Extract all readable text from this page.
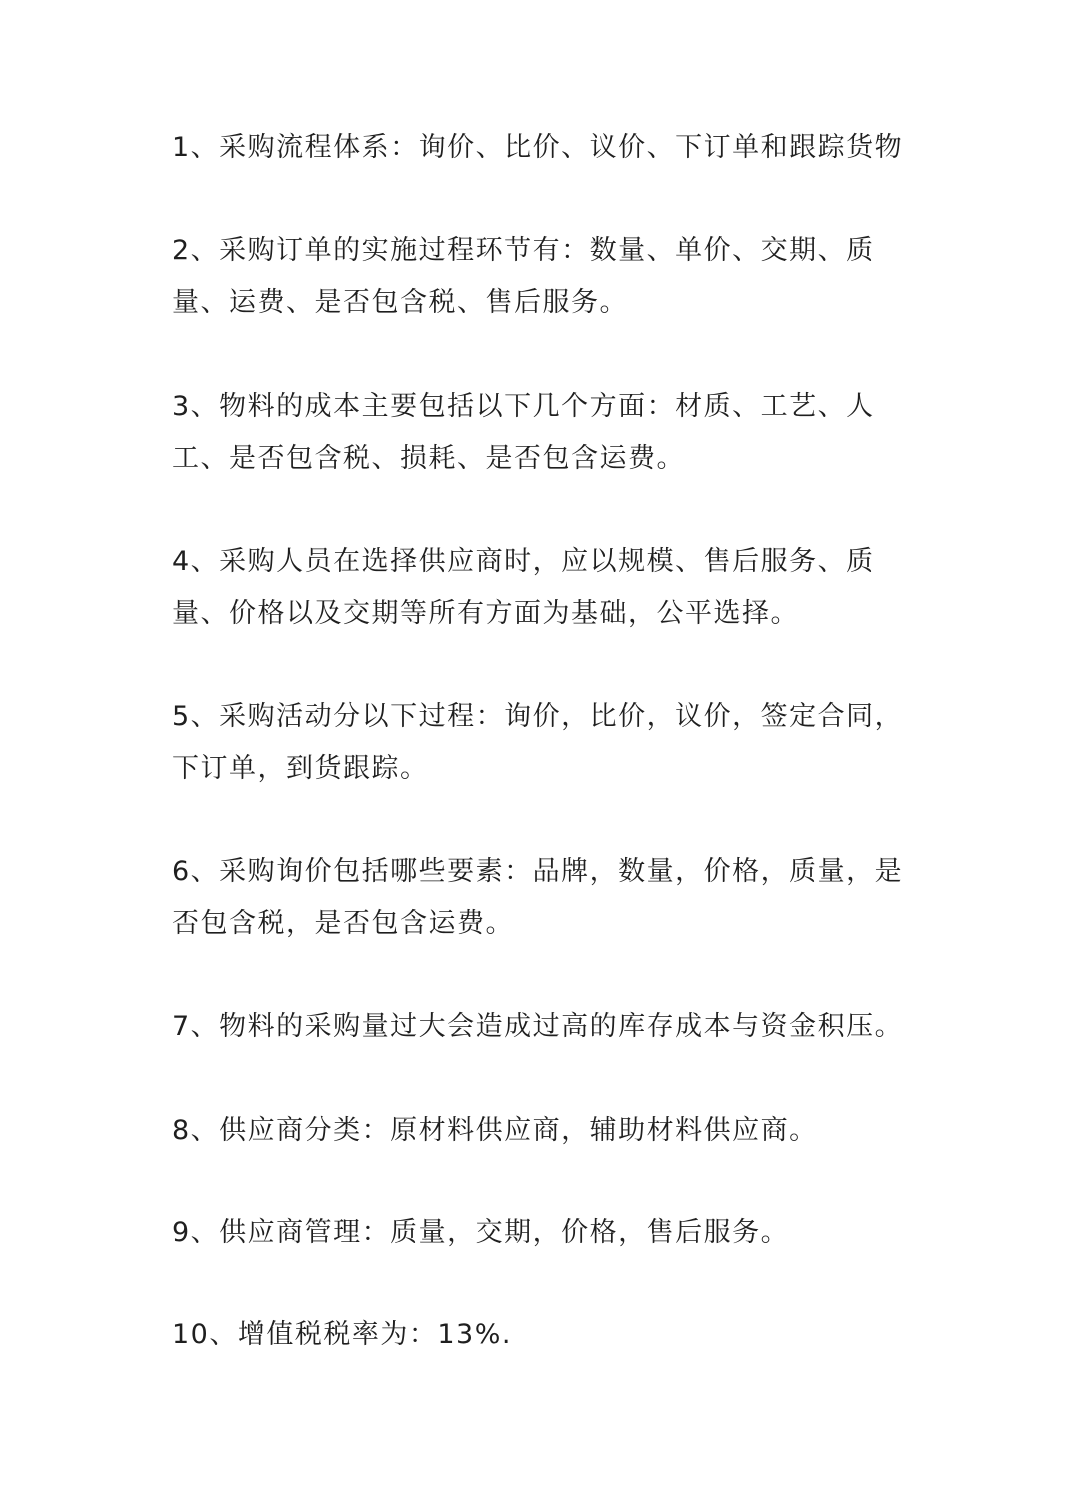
1、采购流程体系：询价、比价、议价、下订单和跟踪货物

2、采购订单的实施过程环节有：数量、单价、交期、质量、运费、是否包含税、售后服务。

3、物料的成本主要包括以下几个方面：材质、工艺、人工、是否包含税、损耗、是否包含运费。

4、采购人员在选择供应商时，应以规模、售后服务、质量、价格以及交期等所有方面为基础，公平选择。

5、采购活动分以下过程：询价，比价，议价，签定合同，下订单，到货跟踪。

6、采购询价包括哪些要素：品牌，数量，价格，质量，是否包含税，是否包含运费。

7、物料的采购量过大会造成过高的库存成本与资金积压。

8、供应商分类：原材料供应商，辅助材料供应商。

9、供应商管理：质量，交期，价格，售后服务。

10、增值税税率为：13%.
